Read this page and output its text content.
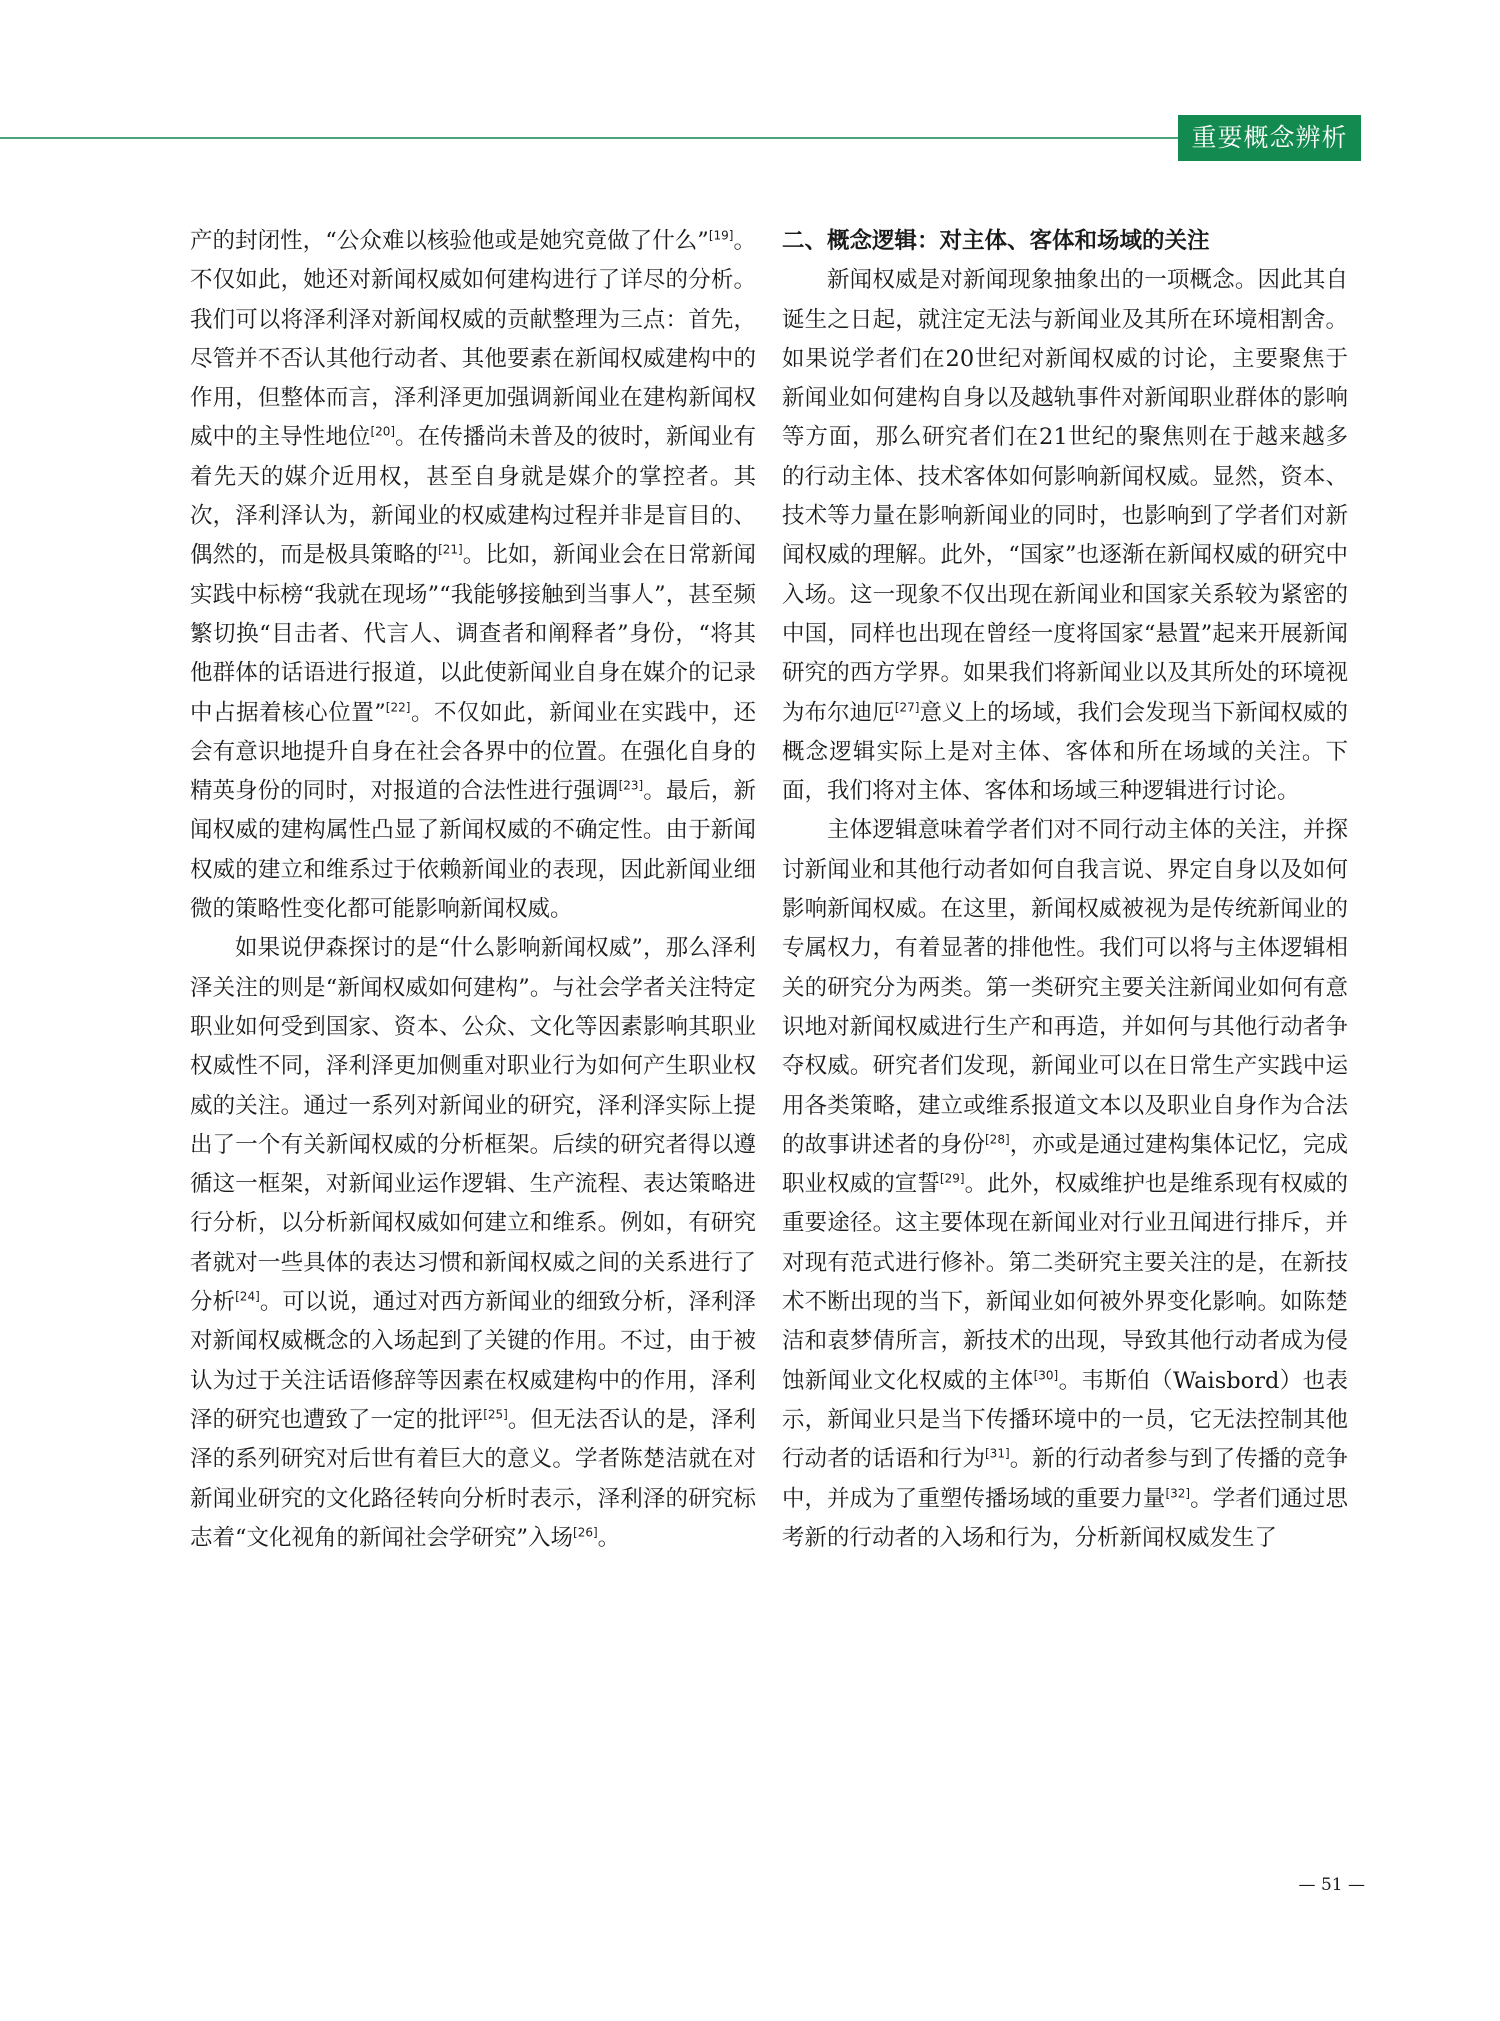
重要概念辨析

产的封闭性，“公众难以核验他或是她究竟做了什么”[19]。不仅如此，她还对新闻权威如何建构进行了详尽的分析。我们可以将泽利泽对新闻权威的贡献整理为三点：首先，尽管并不否认其他行动者、其他要素在新闻权威建构中的作用，但整体而言，泽利泽更加强调新闻业在建构新闻权威中的主导性地位[20]。在传播尚未普及的彼时，新闻业有着先天的媒介近用权，甚至自身就是媒介的掌控者。其次，泽利泽认为，新闻业的权威建构过程并非是盲目的、偶然的，而是极具策略的[21]。比如，新闻业会在日常新闻实践中标榜“我就在现场”“我能够接触到当事人”，甚至频繁切换“目击者、代言人、调查者和阐释者”身份，“将其他群体的话语进行报道，以此使新闻业自身在媒介的记录中占据着核心位置”[22]。不仅如此，新闻业在实践中，还会有意识地提升自身在社会各界中的位置。在强化自身的精英身份的同时，对报道的合法性进行强调[23]。最后，新闻权威的建构属性凸显了新闻权威的不确定性。由于新闻权威的建立和维系过于依赖新闻业的表现，因此新闻业细微的策略性变化都可能影响新闻权威。

如果说伊森探讨的是“什么影响新闻权威”，那么泽利泽关注的则是“新闻权威如何建构”。与社会学者关注特定职业如何受到国家、资本、公众、文化等因素影响其职业权威性不同，泽利泽更加侧重对职业行为如何产生职业权威的关注。通过一系列对新闻业的研究，泽利泽实际上提出了一个有关新闻权威的分析框架。后续的研究者得以遵循这一框架，对新闻业运作逻辑、生产流程、表达策略进行分析，以分析新闻权威如何建立和维系。例如，有研究者就对一些具体的表达习惯和新闻权威之间的关系进行了分析[24]。可以说，通过对西方新闻业的细致分析，泽利泽对新闻权威概念的入场起到了关键的作用。不过，由于被认为过于关注话语修辞等因素在权威建构中的作用，泽利泽的研究也遭致了一定的批评[25]。但无法否认的是，泽利泽的系列研究对后世有着巨大的意义。学者陈楚洁就在对新闻业研究的文化路径转向分析时表示，泽利泽的研究标志着“文化视角的新闻社会学研究”入场[26]。

二、概念逻辑：对主体、客体和场域的关注

新闻权威是对新闻现象抽象出的一项概念。因此其自诞生之日起，就注定无法与新闻业及其所在环境相割舍。如果说学者们在20世纪对新闻权威的讨论，主要聚焦于新闻业如何建构自身以及越轨事件对新闻职业群体的影响等方面，那么研究者们在21世纪的聚焦则在于越来越多的行动主体、技术客体如何影响新闻权威。显然，资本、技术等力量在影响新闻业的同时，也影响到了学者们对新闻权威的理解。此外，“国家”也逐渐在新闻权威的研究中入场。这一现象不仅出现在新闻业和国家关系较为紧密的中国，同样也出现在曾经一度将国家“悬置”起来开展新闻研究的西方学界。如果我们将新闻业以及其所处的环境视为布尔迪厄[27]意义上的场域，我们会发现当下新闻权威的概念逻辑实际上是对主体、客体和所在场域的关注。下面，我们将对主体、客体和场域三种逻辑进行讨论。

主体逻辑意味着学者们对不同行动主体的关注，并探讨新闻业和其他行动者如何自我言说、界定自身以及如何影响新闻权威。在这里，新闻权威被视为是传统新闻业的专属权力，有着显著的排他性。我们可以将与主体逻辑相关的研究分为两类。第一类研究主要关注新闻业如何有意识地对新闻权威进行生产和再造，并如何与其他行动者争夺权威。研究者们发现，新闻业可以在日常生产实践中运用各类策略，建立或维系报道文本以及职业自身作为合法的故事讲述者的身份[28]，亦或是通过建构集体记忆，完成职业权威的宣誓[29]。此外，权威维护也是维系现有权威的重要途径。这主要体现在新闻业对行业丑闻进行排斥，并对现有范式进行修补。第二类研究主要关注的是，在新技术不断出现的当下，新闻业如何被外界变化影响。如陈楚洁和袁梦倩所言，新技术的出现，导致其他行动者成为侵蚀新闻业文化权威的主体[30]。韦斯伯（Waisbord）也表示，新闻业只是当下传播环境中的一员，它无法控制其他行动者的话语和行为[31]。新的行动者参与到了传播的竞争中，并成为了重塑传播场域的重要力量[32]。学者们通过思考新的行动者的入场和行为，分析新闻权威发生了

— 51 —
